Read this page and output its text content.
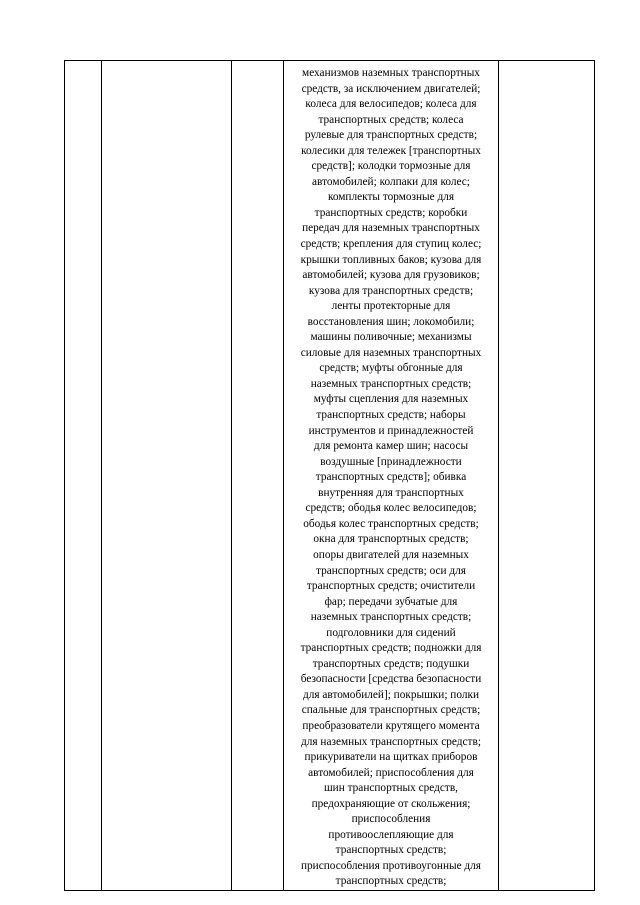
механизмов наземных транспортных
средств, за исключением двигателей;
колеса для велосипедов; колеса для
транспортных средств; колеса
рулевые для транспортных средств;
колесики для тележек [транспортных
средств]; колодки тормозные для
автомобилей; колпаки для колес;
комплекты тормозные для
транспортных средств; коробки
передач для наземных транспортных
средств; крепления для ступиц колес;
крышки топливных баков; кузова для
автомобилей; кузова для грузовиков;
кузова для транспортных средств;
ленты протекторные для
восстановления шин; локомобили;
машины поливочные; механизмы
силовые для наземных транспортных
средств; муфты обгонные для
наземных транспортных средств;
муфты сцепления для наземных
транспортных средств; наборы
инструментов и принадлежностей
для ремонта камер шин; насосы
воздушные [принадлежности
транспортных средств]; обивка
внутренняя для транспортных
средств; ободья колес велосипедов;
ободья колес транспортных средств;
окна для транспортных средств;
опоры двигателей для наземных
транспортных средств; оси для
транспортных средств; очистители
фар; передачи зубчатые для
наземных транспортных средств;
подголовники для сидений
транспортных средств; подножки для
транспортных средств; подушки
безопасности [средства безопасности
для автомобилей]; покрышки; полки
спальные для транспортных средств;
преобразователи крутящего момента
для наземных транспортных средств;
прикуриватели на щитках приборов
автомобилей; приспособления для
шин транспортных средств,
предохраняющие от скольжения;
приспособления
противоослепляющие для
транспортных средств;
приспособления противоугонные для
транспортных средств;
